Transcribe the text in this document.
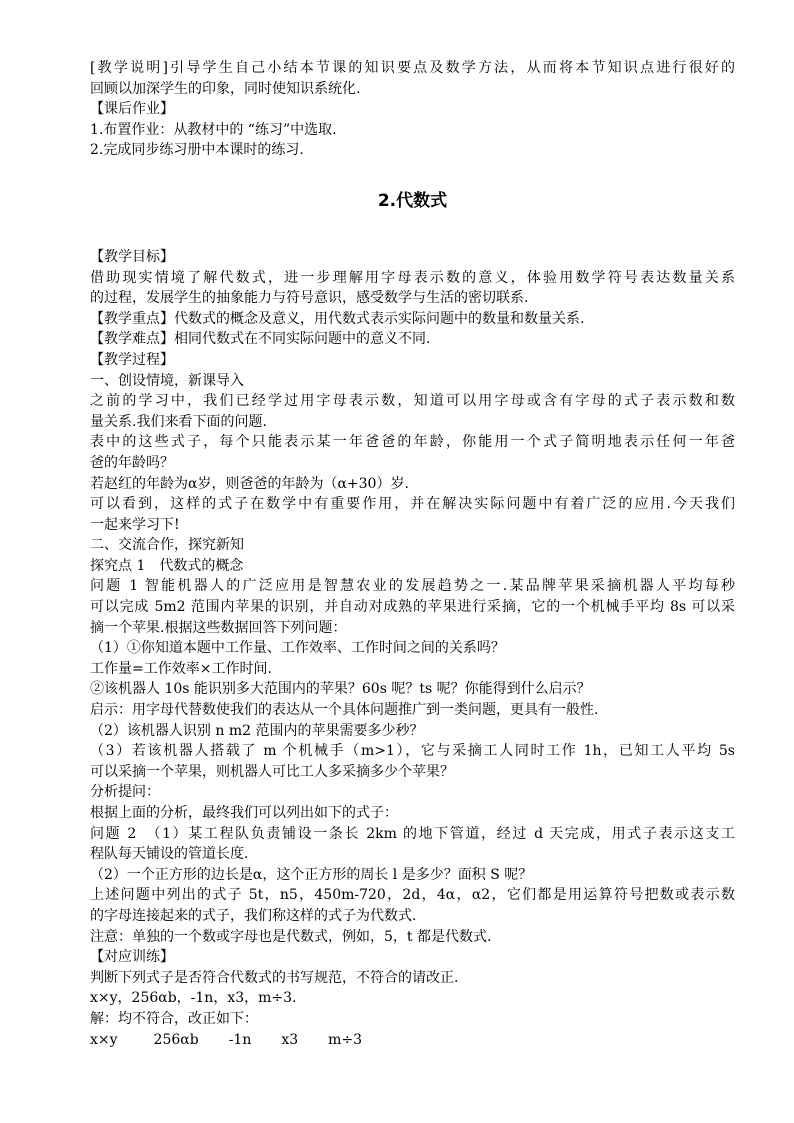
[教学说明]引导学生自己小结本节课的知识要点及数学方法，从而将本节知识点进行很好的

回顾以加深学生的印象，同时使知识系统化.

【课后作业】

1.布置作业：从教材中的 “练习”中选取.

2.完成同步练习册中本课时的练习.

2.代数式

【教学目标】

借助现实情境了解代数式，进一步理解用字母表示数的意义，体验用数学符号表达数量关系

的过程，发展学生的抽象能力与符号意识，感受数学与生活的密切联系.

【教学重点】代数式的概念及意义，用代数式表示实际问题中的数量和数量关系.

【教学难点】相同代数式在不同实际问题中的意义不同.

【教学过程】

一、创设情境，新课导入

之前的学习中，我们已经学过用字母表示数，知道可以用字母或含有字母的式子表示数和数

量关系.我们来看下面的问题.

表中的这些式子，每个只能表示某一年爸爸的年龄，你能用一个式子简明地表示任何一年爸

爸的年龄吗？

若赵红的年龄为α岁，则爸爸的年龄为（α+30）岁.

可以看到，这样的式子在数学中有重要作用，并在解决实际问题中有着广泛的应用.今天我们

一起来学习下!

二、交流合作，探究新知

探究点 1　代数式的概念

问题 1 智能机器人的广泛应用是智慧农业的发展趋势之一.某品牌苹果采摘机器人平均每秒

可以完成 5m2 范围内苹果的识别，并自动对成熟的苹果进行采摘，它的一个机械手平均 8s 可以采

摘一个苹果.根据这些数据回答下列问题：

（1）①你知道本题中工作量、工作效率、工作时间之间的关系吗？

工作量=工作效率×工作时间.

②该机器人 10s 能识别多大范围内的苹果？60s 呢？ts 呢？你能得到什么启示？

启示：用字母代替数使我们的表达从一个具体问题推广到一类问题，更具有一般性.

（2）该机器人识别 n m2 范围内的苹果需要多少秒？

（3）若该机器人搭载了 m 个机械手（m>1），它与采摘工人同时工作 1h，已知工人平均 5s

可以采摘一个苹果，则机器人可比工人多采摘多少个苹果？

分析提问：

根据上面的分析，最终我们可以列出如下的式子：

问题 2　（1）某工程队负责铺设一条长 2km 的地下管道，经过 d 天完成，用式子表示这支工

程队每天铺设的管道长度.

（2）一个正方形的边长是α，这个正方形的周长 l 是多少？面积 S 呢？

上述问题中列出的式子 5t，n5，450m-720，2d，4α，α2，它们都是用运算符号把数或表示数

的字母连接起来的式子，我们称这样的式子为代数式.

注意：单独的一个数或字母也是代数式，例如，5，t 都是代数式.

【对应训练】

判断下列式子是否符合代数式的书写规范，不符合的请改正.

x×y，256αb，-1n，x3，m÷3.

解：均不符合，改正如下：

x×y	256αb -1n x3 m÷3
